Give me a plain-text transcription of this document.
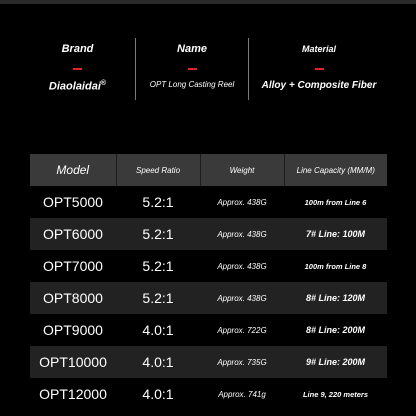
Brand
Diaolaidai®
Name
OPT Long Casting Reel
Material
Alloy + Composite Fiber
Model	Speed Ratio	Weight	Line Capacity (MM/M)
OPT5000	5.2:1	Approx. 438G	100m from Line 6
OPT6000	5.2:1	Approx. 438G	7# Line: 100M
OPT7000	5.2:1	Approx. 438G	100m from Line 8
OPT8000	5.2:1	Approx. 438G	8# Line: 120M
OPT9000	4.0:1	Approx. 722G	8# Line: 200M
OPT10000	4.0:1	Approx. 735G	9# Line: 200M
OPT12000	4.0:1	Approx. 741g	Line 9, 220 meters
